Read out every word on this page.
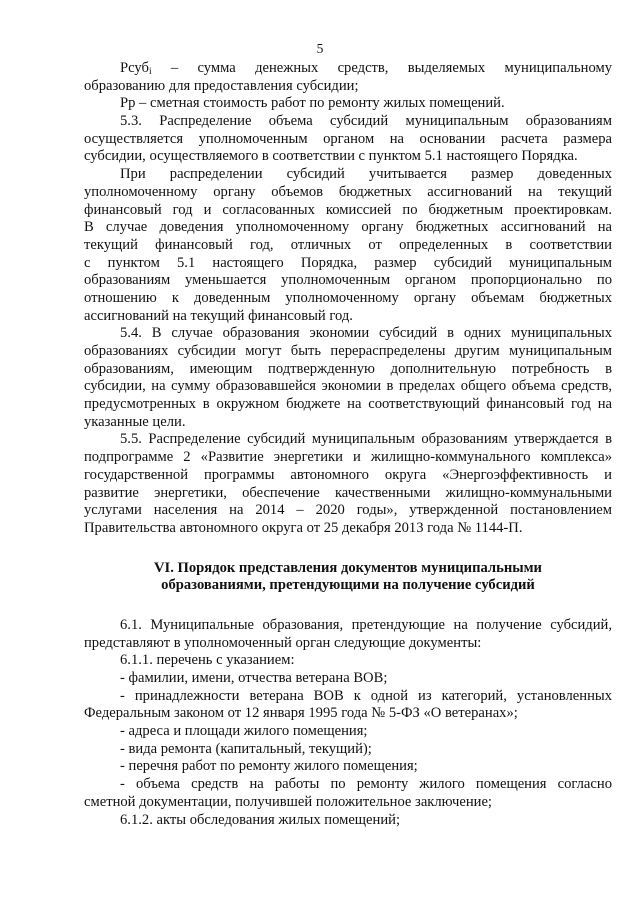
5
Pсуб$_i$ – сумма денежных средств, выделяемых муниципальному
образованию для предоставления субсидии;
Pp – сметная стоимость работ по ремонту жилых помещений.
5.3. Распределение объема субсидий муниципальным образованиям
осуществляется уполномоченным органом на основании расчета размера
субсидии, осуществляемого в соответствии с пунктом 5.1 настоящего Порядка.
При распределении субсидий учитывается размер доведенных
уполномоченному органу объемов бюджетных ассигнований на текущий
финансовый год и согласованных комиссией по бюджетным проектировкам.
В случае доведения уполномоченному органу бюджетных ассигнований на
текущий финансовый год, отличных от определенных в соответствии
с пунктом 5.1 настоящего Порядка, размер субсидий муниципальным
образованиям уменьшается уполномоченным органом пропорционально по
отношению к доведенным уполномоченному органу объемам бюджетных
ассигнований на текущий финансовый год.
5.4. В случае образования экономии субсидий в одних муниципальных
образованиях субсидии могут быть перераспределены другим муниципальным
образованиям, имеющим подтвержденную дополнительную потребность в
субсидии, на сумму образовавшейся экономии в пределах общего объема средств,
предусмотренных в окружном бюджете на соответствующий финансовый год на
указанные цели.
5.5. Распределение субсидий муниципальным образованиям утверждается в
подпрограмме 2 «Развитие энергетики и жилищно-коммунального комплекса»
государственной программы автономного округа «Энергоэффективность и
развитие энергетики, обеспечение качественными жилищно-коммунальными
услугами населения на 2014 – 2020 годы», утвержденной постановлением
Правительства автономного округа от 25 декабря 2013 года № 1144-П.
VI. Порядок представления документов муниципальными
образованиями, претендующими на получение субсидий
6.1. Муниципальные образования, претендующие на получение субсидий,
представляют в уполномоченный орган следующие документы:
6.1.1. перечень с указанием:
- фамилии, имени, отчества ветерана ВОВ;
- принадлежности ветерана ВОВ к одной из категорий, установленных
Федеральным законом от 12 января 1995 года № 5-ФЗ «О ветеранах»;
- адреса и площади жилого помещения;
- вида ремонта (капитальный, текущий);
- перечня работ по ремонту жилого помещения;
- объема средств на работы по ремонту жилого помещения согласно
сметной документации, получившей положительное заключение;
6.1.2. акты обследования жилых помещений;
